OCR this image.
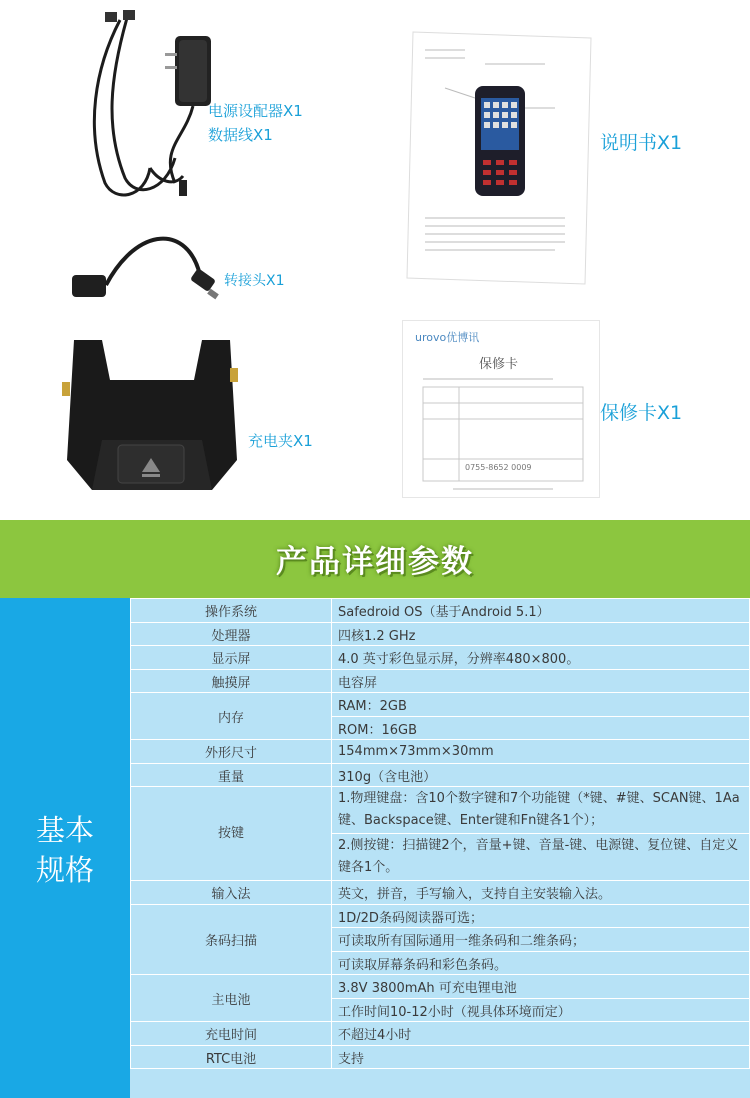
电源设配器X1
数据线X1
转接头X1
充电夹X1
说明书X1
urovo优博讯
保修卡
0755-8652 0009
保修卡X1
产品详细参数
基本规格
操作系统	Safedroid OS（基于Android 5.1）
处理器	四核1.2 GHz
显示屏	4.0 英寸彩色显示屏，分辨率480×800。
触摸屏	电容屏
内存	RAM：2GB
	ROM：16GB
外形尺寸	154mm×73mm×30mm
重量	310g（含电池）
按键	1.物理键盘：含10个数字键和7个功能键（*键、#键、SCAN键、1Aa键、Backspace键、Enter键和Fn键各1个）；
	2.侧按键：扫描键2个，音量+键、音量-键、电源键、复位键、自定义键各1个。
输入法	英文，拼音，手写输入，支持自主安装输入法。
条码扫描	1D/2D条码阅读器可选；
	可读取所有国际通用一维条码和二维条码；
	可读取屏幕条码和彩色条码。
主电池	3.8V 3800mAh 可充电锂电池
	工作时间10-12小时（视具体环境而定）
充电时间	不超过4小时
RTC电池	支持
